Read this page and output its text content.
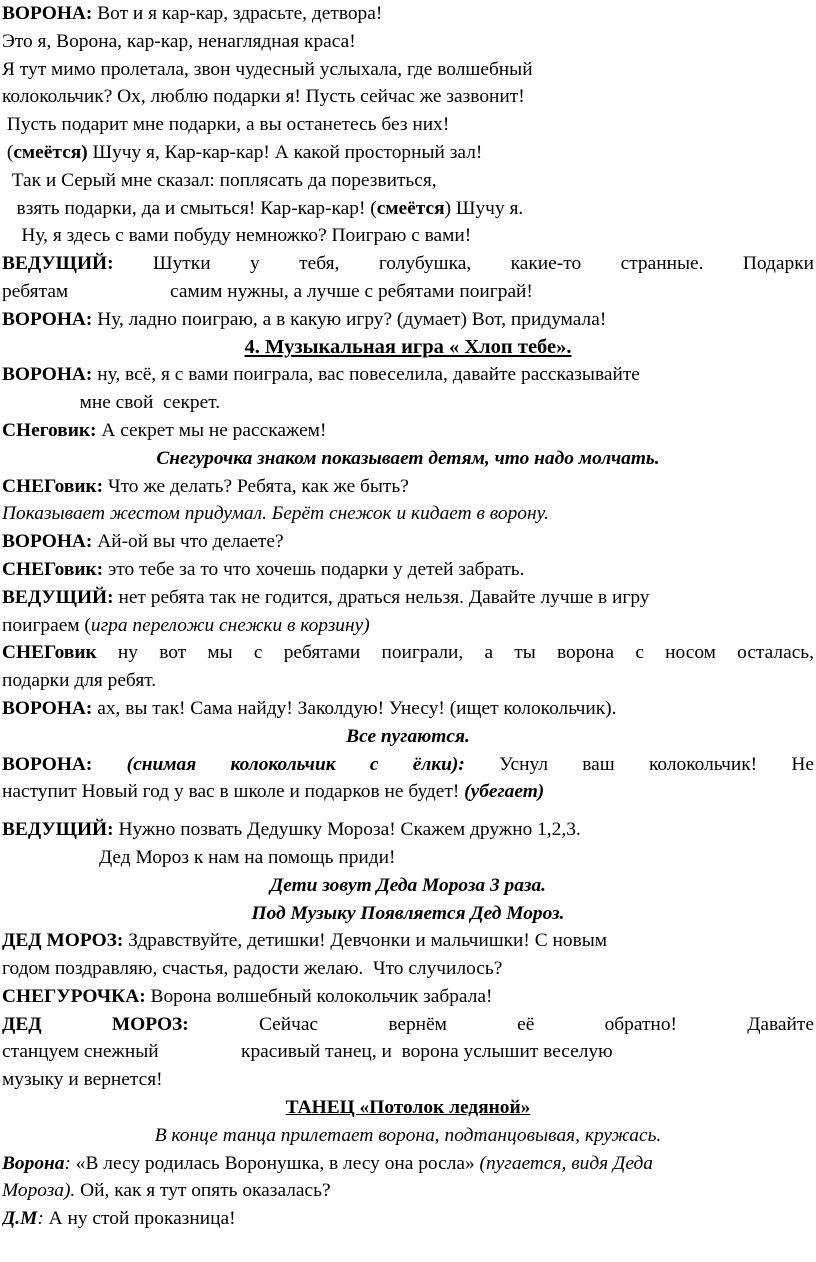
ВОРОНА: Вот и я кар-кар, здрасьте, детвора!
Это я, Ворона, кар-кар, ненаглядная краса!
Я тут мимо пролетала, звон чудесный услыхала, где волшебный
колокольчик? Ох, люблю подарки я! Пусть сейчас же зазвонит!
Пусть подарит мне подарки, а вы останетесь без них!
(смеётся) Шучу я, Кар-кар-кар! А какой просторный зал!
Так и Серый мне сказал: поплясать да порезвиться,
взять подарки, да и смыться! Кар-кар-кар! (смеётся) Шучу я.
Ну, я здесь с вами побуду немножко? Поиграю с вами!
ВЕДУЩИЙ: Шутки у тебя, голубушка, какие-то странные. Подарки
ребятам                     самим нужны, а лучше с ребятами поиграй!
ВОРОНА: Ну, ладно поиграю, а в какую игру? (думает) Вот, придумала!
4. Музыкальная игра « Хлоп тебе».
ВОРОНА: ну, всё, я с вами поиграла, вас повеселила, давайте рассказывайте
мне свой  секрет.
СНеговик: А секрет мы не расскажем!
Снегурочка знаком показывает детям, что надо молчать.
СНЕГовик: Что же делать? Ребята, как же быть?
Показывает жестом придумал. Берёт снежок и кидает в ворону.
ВОРОНА: Ай-ой вы что делаете?
СНЕГовик: это тебе за то что хочешь подарки у детей забрать.
ВЕДУЩИЙ: нет ребята так не годится, драться нельзя. Давайте лучше в игру
поиграем (игра переложи снежки в корзину)
СНЕГовик ну вот мы с ребятами поиграли, а ты ворона с носом осталась,
подарки для ребят.
ВОРОНА: ах, вы так! Сама найду! Заколдую! Унесу! (ищет колокольчик).
Все пугаются.
ВОРОНА: (снимая колокольчик с ёлки): Уснул ваш колокольчик! Не
наступит Новый год у вас в школе и подарков не будет! (убегает)
ВЕДУЩИЙ: Нужно позвать Дедушку Мороза! Скажем дружно 1,2,3.
Дед Мороз к нам на помощь приди!
Дети зовут Деда Мороза 3 раза.
Под Музыку Появляется Дед Мороз.
ДЕД МОРОЗ: Здравствуйте, детишки! Девчонки и мальчишки! С новым
годом поздравляю, счастья, радости желаю.  Что случилось?
СНЕГУРОЧКА: Ворона волшебный колокольчик забрала!
ДЕД МОРОЗ: Сейчас вернём её обратно! Давайте
станцуем снежный                 красивый танец, и  ворона услышит веселую
музыку и вернется!
ТАНЕЦ «Потолок ледяной»
В конце танца прилетает ворона, подтанцовывая, кружась.
Ворона: «В лесу родилась Воронушка, в лесу она росла» (пугается, видя Деда
Мороза). Ой, как я тут опять оказалась?
Д.М: А ну стой проказница!
